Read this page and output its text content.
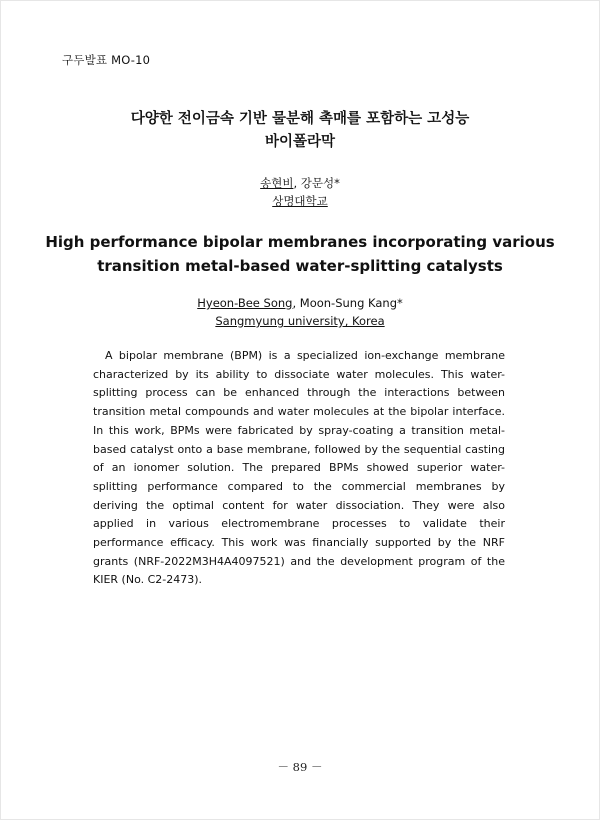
구두발표 MO-10
다양한 전이금속 기반 물분해 촉매를 포함하는 고성능
바이폴라막
송현비, 강문성*
상명대학교
High performance bipolar membranes incorporating various
transition metal-based water-splitting catalysts
Hyeon-Bee Song, Moon-Sung Kang*
Sangmyung university, Korea

A bipolar membrane (BPM) is a specialized ion-exchange membrane characterized by its ability to dissociate water molecules. This water-splitting process can be enhanced through the interactions between transition metal compounds and water molecules at the bipolar interface. In this work, BPMs were fabricated by spray-coating a transition metal-based catalyst onto a base membrane, followed by the sequential casting of an ionomer solution. The prepared BPMs showed superior water-splitting performance compared to the commercial membranes by deriving the optimal content for water dissociation. They were also applied in various electromembrane processes to validate their performance efficacy. This work was financially supported by the NRF grants (NRF-2022M3H4A4097521) and the development program of the KIER (No. C2-2473).

－ 89 －
